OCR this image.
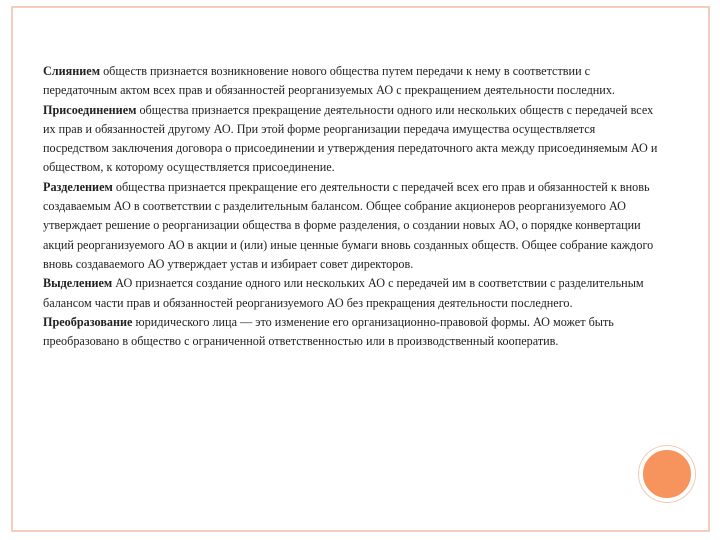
Слиянием обществ признается возникновение нового общества путем передачи к нему в соответствии с передаточным актом всех прав и обязанностей реорганизуемых АО с прекращением деятельности последних.

Присоединением общества признается прекращение деятельности одного или нескольких обществ с передачей всех их прав и обязанностей другому АО. При этой форме реорганизации передача имущества осуществляется посредством заключения договора о присоединении и утверждения передаточного акта между присоединяемым АО и обществом, к которому осуществляется присоединение.

Разделением общества признается прекращение его деятельности с передачей всех его прав и обязанностей к вновь создаваемым АО в соответствии с разделительным балансом. Общее собрание акционеров реорганизуемого АО утверждает решение о реорганизации общества в форме разделения, о создании новых АО, о порядке конвертации акций реорганизуемого АО в акции и (или) иные ценные бумаги вновь созданных обществ. Общее собрание каждого вновь создаваемого АО утверждает устав и избирает совет директоров.

Выделением АО признается создание одного или нескольких АО с передачей им в соответствии с разделительным балансом части прав и обязанностей реорганизуемого АО без прекращения деятельности последнего.

Преобразование юридического лица — это изменение его организационно-правовой формы. АО может быть преобразовано в общество с ограниченной ответственностью или в производственный кооператив.
